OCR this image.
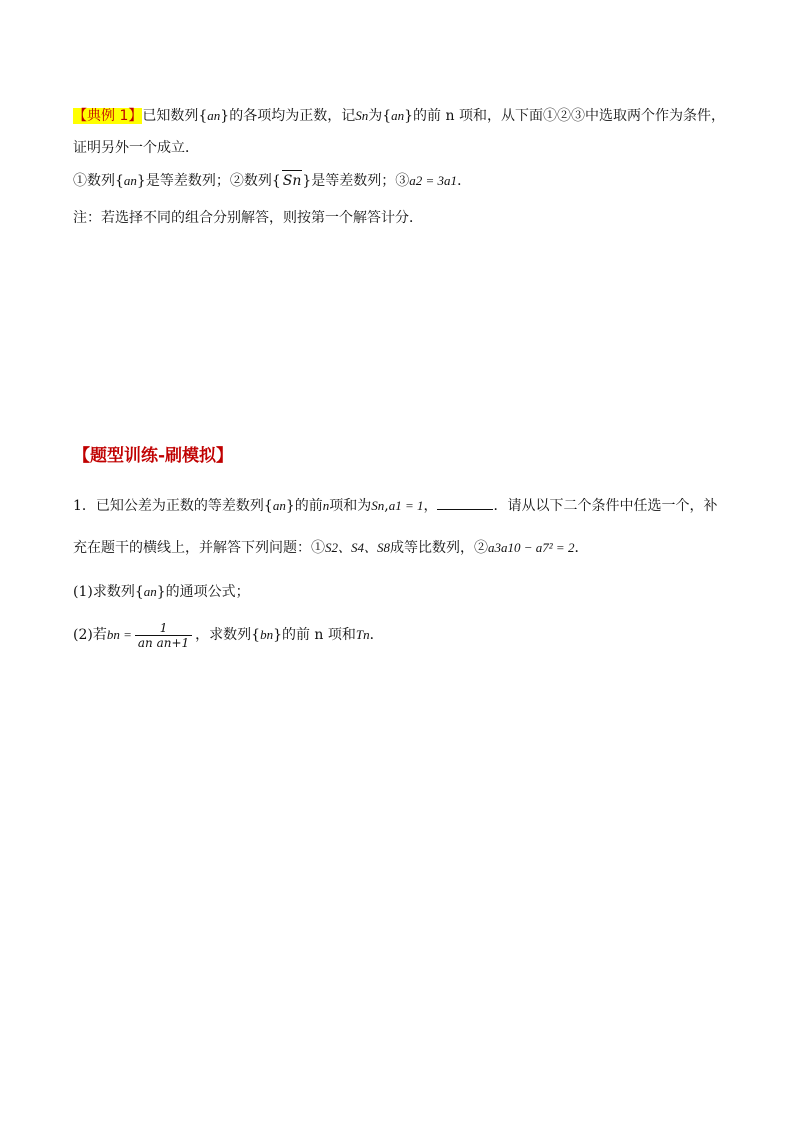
【典例 1】已知数列{an}的各项均为正数，记Sn为{an}的前 n 项和，从下面①②③中选取两个作为条件，
证明另外一个成立．
①数列{an}是等差数列；②数列{ Sn}是等差数列；③a2 = 3a1．
注：若选择不同的组合分别解答，则按第一个解答计分．
【题型训练-刷模拟】
1．已知公差为正数的等差数列{an}的前n项和为Sn,a1 = 1，	．请从以下二个条件中任选一个，补
充在题干的横线上，并解答下列问题：①S2、S4、S8成等比数列，②a3a10 − a7² = 2．
(1)求数列{an}的通项公式；
(2)若bn = $\frac{1}{\text{an an+1}}$ ，求数列{bn}的前 n 项和Tn．
